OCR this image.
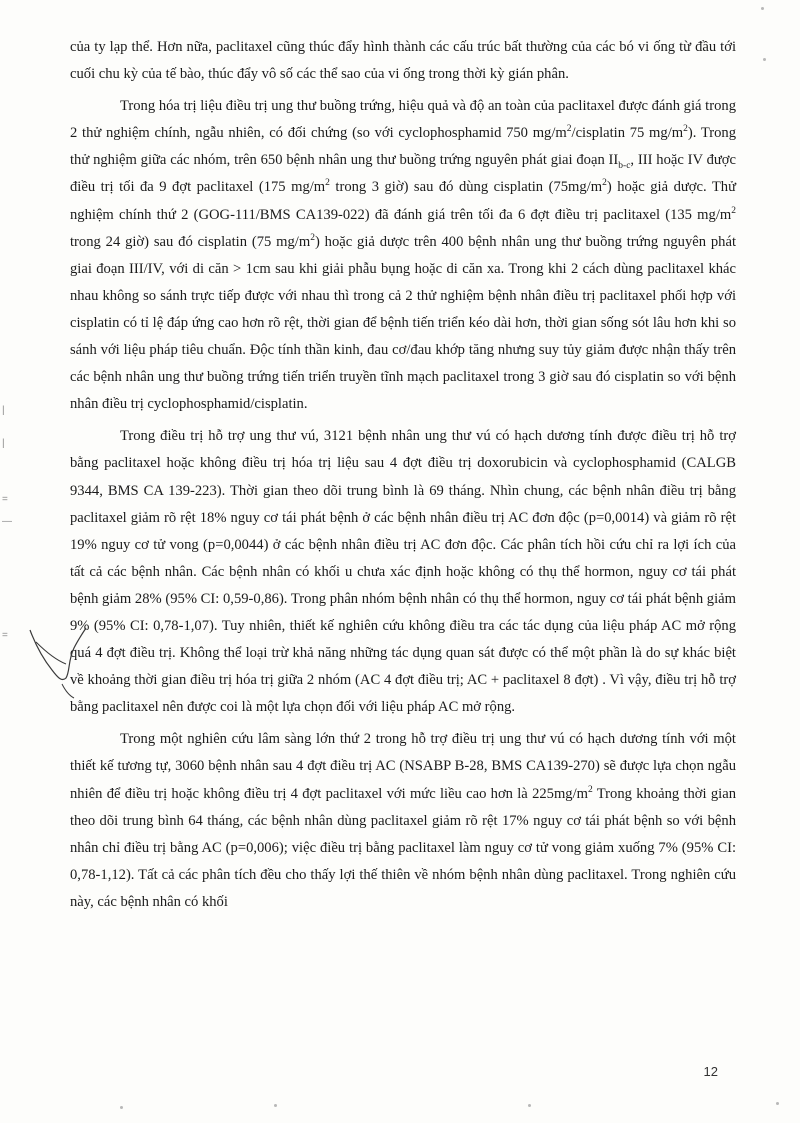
của ty lạp thể. Hơn nữa, paclitaxel cũng thúc đẩy hình thành các cấu trúc bất thường của các bó vi ống từ đầu tới cuối chu kỳ của tế bào, thúc đẩy vô số các thể sao của vi ống trong thời kỳ gián phân.

Trong hóa trị liệu điều trị ung thư buồng trứng, hiệu quả và độ an toàn của paclitaxel được đánh giá trong 2 thử nghiệm chính, ngẫu nhiên, có đối chứng (so với cyclophosphamid 750 $mg/m^2$/cisplatin 75 $mg/m^2$). Trong thử nghiệm giữa các nhóm, trên 650 bệnh nhân ung thư buồng trứng nguyên phát giai đoạn $II_{b-c}$, III hoặc IV được điều trị tối đa 9 đợt paclitaxel (175 $mg/m^2$ trong 3 giờ) sau đó dùng cisplatin $(75mg/m^2)$ hoặc giả dược. Thử nghiệm chính thứ 2 (GOG-111/BMS CA139-022) đã đánh giá trên tối đa 6 đợt điều trị paclitaxel (135 $mg/m^2$ trong 24 giờ) sau đó cisplatin (75 $mg/m^2$) hoặc giả dược trên 400 bệnh nhân ung thư buồng trứng nguyên phát giai đoạn III/IV, với di căn > 1cm sau khi giải phẫu bụng hoặc di căn xa. Trong khi 2 cách dùng paclitaxel khác nhau không so sánh trực tiếp được với nhau thì trong cả 2 thử nghiệm bệnh nhân điều trị paclitaxel phối hợp với cisplatin có tỉ lệ đáp ứng cao hơn rõ rệt, thời gian để bệnh tiến triển kéo dài hơn, thời gian sống sót lâu hơn khi so sánh với liệu pháp tiêu chuẩn. Độc tính thần kinh, đau cơ/đau khớp tăng nhưng suy tủy giảm được nhận thấy trên các bệnh nhân ung thư buồng trứng tiến triển truyền tĩnh mạch paclitaxel trong 3 giờ sau đó cisplatin so với bệnh nhân điều trị cyclophosphamid/cisplatin.

Trong điều trị hỗ trợ ung thư vú, 3121 bệnh nhân ung thư vú có hạch dương tính được điều trị hỗ trợ bằng paclitaxel hoặc không điều trị hóa trị liệu sau 4 đợt điều trị doxorubicin và cyclophosphamid (CALGB 9344, BMS CA 139-223). Thời gian theo dõi trung bình là 69 tháng. Nhìn chung, các bệnh nhân điều trị bằng paclitaxel giảm rõ rệt 18% nguy cơ tái phát bệnh ở các bệnh nhân điều trị AC đơn độc (p=0,0014) và giảm rõ rệt 19% nguy cơ tử vong (p=0,0044) ở các bệnh nhân điều trị AC đơn độc. Các phân tích hồi cứu chỉ ra lợi ích của tất cả các bệnh nhân. Các bệnh nhân có khối u chưa xác định hoặc không có thụ thể hormon, nguy cơ tái phát bệnh giảm 28% (95% CI: 0,59-0,86). Trong phân nhóm bệnh nhân có thụ thể hormon, nguy cơ tái phát bệnh giảm 9% (95% CI: 0,78-1,07). Tuy nhiên, thiết kế nghiên cứu không điều tra các tác dụng của liệu pháp AC mở rộng quá 4 đợt điều trị. Không thể loại trừ khả năng những tác dụng quan sát được có thể một phần là do sự khác biệt về khoảng thời gian điều trị hóa trị giữa 2 nhóm (AC 4 đợt điều trị; AC + paclitaxel 8 đợt) . Vì vậy, điều trị hỗ trợ bằng paclitaxel nên được coi là một lựa chọn đối với liệu pháp AC mở rộng.

Trong một nghiên cứu lâm sàng lớn thứ 2 trong hỗ trợ điều trị ung thư vú có hạch dương tính với một thiết kế tương tự, 3060 bệnh nhân sau 4 đợt điều trị AC (NSABP B-28, BMS CA139-270) sẽ được lựa chọn ngẫu nhiên để điều trị hoặc không điều trị 4 đợt paclitaxel với mức liều cao hơn là $225mg/m^2$ Trong khoảng thời gian theo dõi trung bình 64 tháng, các bệnh nhân dùng paclitaxel giảm rõ rệt 17% nguy cơ tái phát bệnh so với bệnh nhân chỉ điều trị bằng AC (p=0,006); việc điều trị bằng paclitaxel làm nguy cơ tử vong giảm xuống 7% (95% CI: 0,78-1,12). Tất cả các phân tích đều cho thấy lợi thế thiên về nhóm bệnh nhân dùng paclitaxel. Trong nghiên cứu này, các bệnh nhân có khối

12
|
|
=
—
=
